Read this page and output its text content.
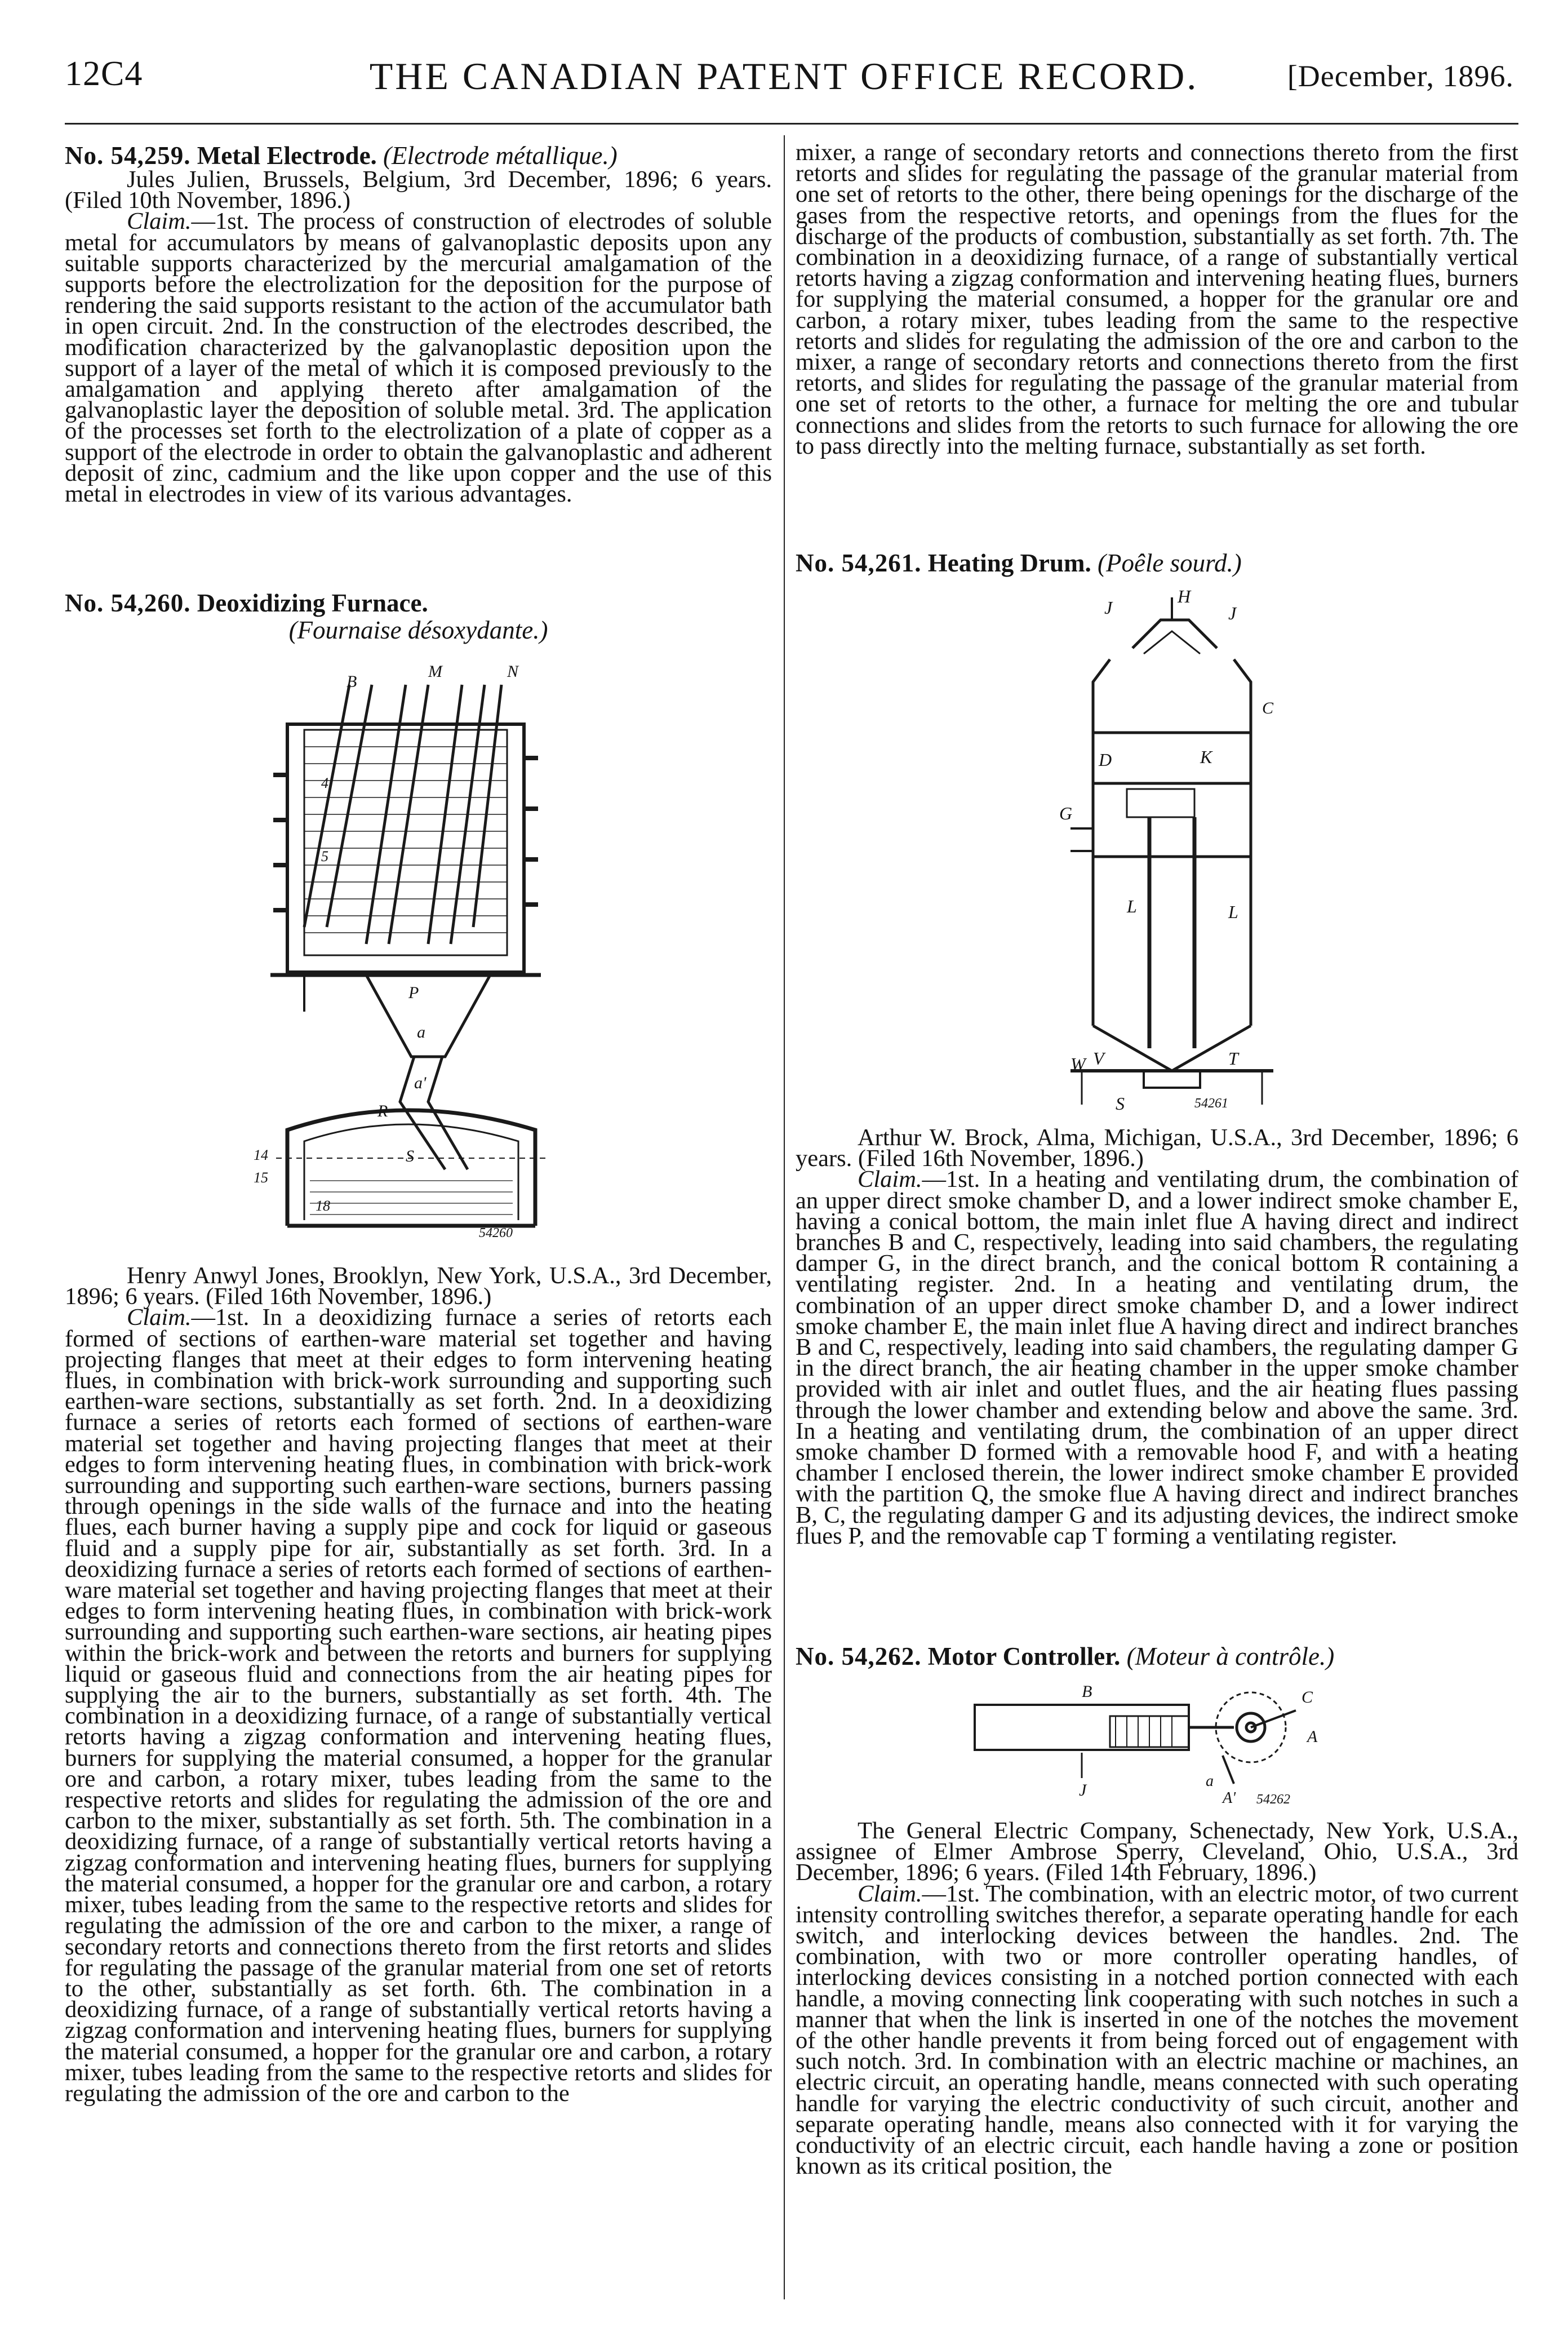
12C4	THE CANADIAN PATENT OFFICE RECORD.	[December, 1896.

No. 54,259. Metal Electrode. (Electrode métallique.)

Jules Julien, Brussels, Belgium, 3rd December, 1896; 6 years. (Filed 10th November, 1896.)

Claim.—1st. The process of construction of electrodes of soluble metal for accumulators by means of galvanoplastic deposits upon any suitable supports characterized by the mercurial amalgamation of the supports before the electrolization for the deposition for the purpose of rendering the said supports resistant to the action of the accumulator bath in open circuit. 2nd. In the construction of the electrodes described, the modification characterized by the galvanoplastic deposition upon the support of a layer of the metal of which it is composed previously to the amalgamation and applying thereto after amalgamation of the galvanoplastic layer the deposition of soluble metal. 3rd. The application of the processes set forth to the electrolization of a plate of copper as a support of the electrode in order to obtain the galvanoplastic and adherent deposit of zinc, cadmium and the like upon copper and the use of this metal in electrodes in view of its various advantages.

No. 54,260. Deoxidizing Furnace.

(Fournaise désoxydante.)

M
B
N
P
a
a'
R
S
14
15
18
4
5
54260

Henry Anwyl Jones, Brooklyn, New York, U.S.A., 3rd December, 1896; 6 years. (Filed 16th November, 1896.)

Claim.—1st. In a deoxidizing furnace a series of retorts each formed of sections of earthen-ware material set together and having projecting flanges that meet at their edges to form intervening heating flues, in combination with brick-work surrounding and supporting such earthen-ware sections, substantially as set forth. 2nd. In a deoxidizing furnace a series of retorts each formed of sections of earthen-ware material set together and having projecting flanges that meet at their edges to form intervening heating flues, in combination with brick-work surrounding and supporting such earthen-ware sections, burners passing through openings in the side walls of the furnace and into the heating flues, each burner having a supply pipe and cock for liquid or gaseous fluid and a supply pipe for air, substantially as set forth. 3rd. In a deoxidizing furnace a series of retorts each formed of sections of earthen-ware material set together and having projecting flanges that meet at their edges to form intervening heating flues, in combination with brick-work surrounding and supporting such earthen-ware sections, air heating pipes within the brick-work and between the retorts and burners for supplying liquid or gaseous fluid and connections from the air heating pipes for supplying the air to the burners, substantially as set forth. 4th. The combination in a deoxidizing furnace, of a range of substantially vertical retorts having a zigzag conformation and intervening heating flues, burners for supplying the material consumed, a hopper for the granular ore and carbon, a rotary mixer, tubes leading from the same to the respective retorts and slides for regulating the admission of the ore and carbon to the mixer, substantially as set forth. 5th. The combination in a deoxidizing furnace, of a range of substantially vertical retorts having a zigzag conformation and intervening heating flues, burners for supplying the material consumed, a hopper for the granular ore and carbon, a rotary mixer, tubes leading from the same to the respective retorts and slides for regulating the admission of the ore and carbon to the mixer, a range of secondary retorts and connections thereto from the first retorts and slides for regulating the passage of the granular material from one set of retorts to the other, substantially as set forth. 6th. The combination in a deoxidizing furnace, of a range of substantially vertical retorts having a zigzag conformation and intervening heating flues, burners for supplying the material consumed, a hopper for the granular ore and carbon, a rotary mixer, tubes leading from the same to the respective retorts and slides for regulating the admission of the ore and carbon to the

mixer, a range of secondary retorts and connections thereto from the first retorts and slides for regulating the passage of the granular material from one set of retorts to the other, there being openings for the discharge of the gases from the respective retorts, and openings from the flues for the discharge of the products of combustion, substantially as set forth. 7th. The combination in a deoxidizing furnace, of a range of substantially vertical retorts having a zigzag conformation and intervening heating flues, burners for supplying the material consumed, a hopper for the granular ore and carbon, a rotary mixer, tubes leading from the same to the respective retorts and slides for regulating the admission of the ore and carbon to the mixer, a range of secondary retorts and connections thereto from the first retorts, and slides for regulating the passage of the granular material from one set of retorts to the other, a furnace for melting the ore and tubular connections and slides from the retorts to such furnace for allowing the ore to pass directly into the melting furnace, substantially as set forth.

No. 54,261. Heating Drum. (Poêle sourd.)

H
J	J
D	K
G
L	L
V
W
S
T
C
54261

Arthur W. Brock, Alma, Michigan, U.S.A., 3rd December, 1896; 6 years. (Filed 16th November, 1896.)

Claim.—1st. In a heating and ventilating drum, the combination of an upper direct smoke chamber D, and a lower indirect smoke chamber E, having a conical bottom, the main inlet flue A having direct and indirect branches B and C, respectively, leading into said chambers, the regulating damper G, in the direct branch, and the conical bottom R containing a ventilating register. 2nd. In a heating and ventilating drum, the combination of an upper direct smoke chamber D, and a lower indirect smoke chamber E, the main inlet flue A having direct and indirect branches B and C, respectively, leading into said chambers, the regulating damper G in the direct branch, the air heating chamber in the upper smoke chamber provided with air inlet and outlet flues, and the air heating flues passing through the lower chamber and extending below and above the same. 3rd. In a heating and ventilating drum, the combination of an upper direct smoke chamber D formed with a removable hood F, and with a heating chamber I enclosed therein, the lower indirect smoke chamber E provided with the partition Q, the smoke flue A having direct and indirect branches B, C, the regulating damper G and its adjusting devices, the indirect smoke flues P, and the removable cap T forming a ventilating register.

No. 54,262. Motor Controller. (Moteur à contrôle.)

B	C
A
A'
J	a
54262

The General Electric Company, Schenectady, New York, U.S.A., assignee of Elmer Ambrose Sperry, Cleveland, Ohio, U.S.A., 3rd December, 1896; 6 years. (Filed 14th February, 1896.)

Claim.—1st. The combination, with an electric motor, of two current intensity controlling switches therefor, a separate operating handle for each switch, and interlocking devices between the handles. 2nd. The combination, with two or more controller operating handles, of interlocking devices consisting in a notched portion connected with each handle, a moving connecting link cooperating with such notches in such a manner that when the link is inserted in one of the notches the movement of the other handle prevents it from being forced out of engagement with such notch. 3rd. In combination with an electric machine or machines, an electric circuit, an operating handle, means connected with such operating handle for varying the electric conductivity of such circuit, another and separate operating handle, means also connected with it for varying the conductivity of an electric circuit, each handle having a zone or position known as its critical position, the
